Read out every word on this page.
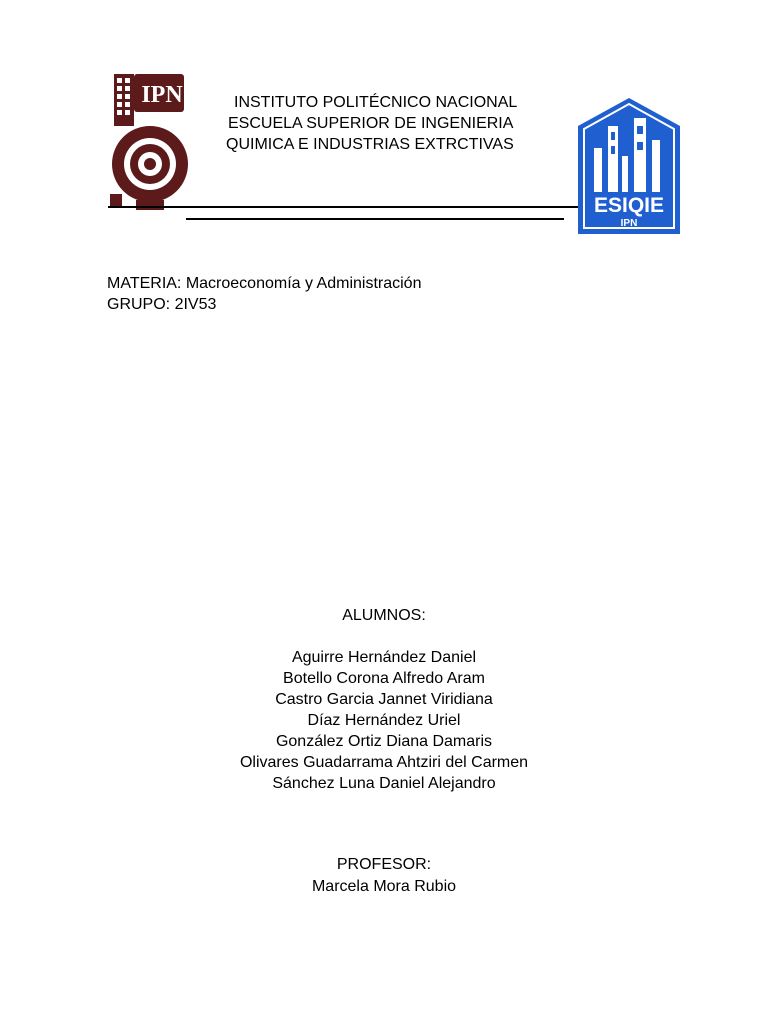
IPN	INSTITUTO POLITÉCNICO NACIONAL
ESCUELA SUPERIOR DE INGENIERIA
QUIMICA E INDUSTRIAS EXTRCTIVAS
ESIQIE
IPN
MATERIA: Macroeconomía y Administración
GRUPO: 2IV53
ALUMNOS:
Aguirre Hernández Daniel
Botello Corona Alfredo Aram
Castro Garcia Jannet Viridiana
Díaz Hernández Uriel
González Ortiz Diana Damaris
Olivares Guadarrama Ahtziri del Carmen
Sánchez Luna Daniel Alejandro
PROFESOR:
Marcela Mora Rubio
